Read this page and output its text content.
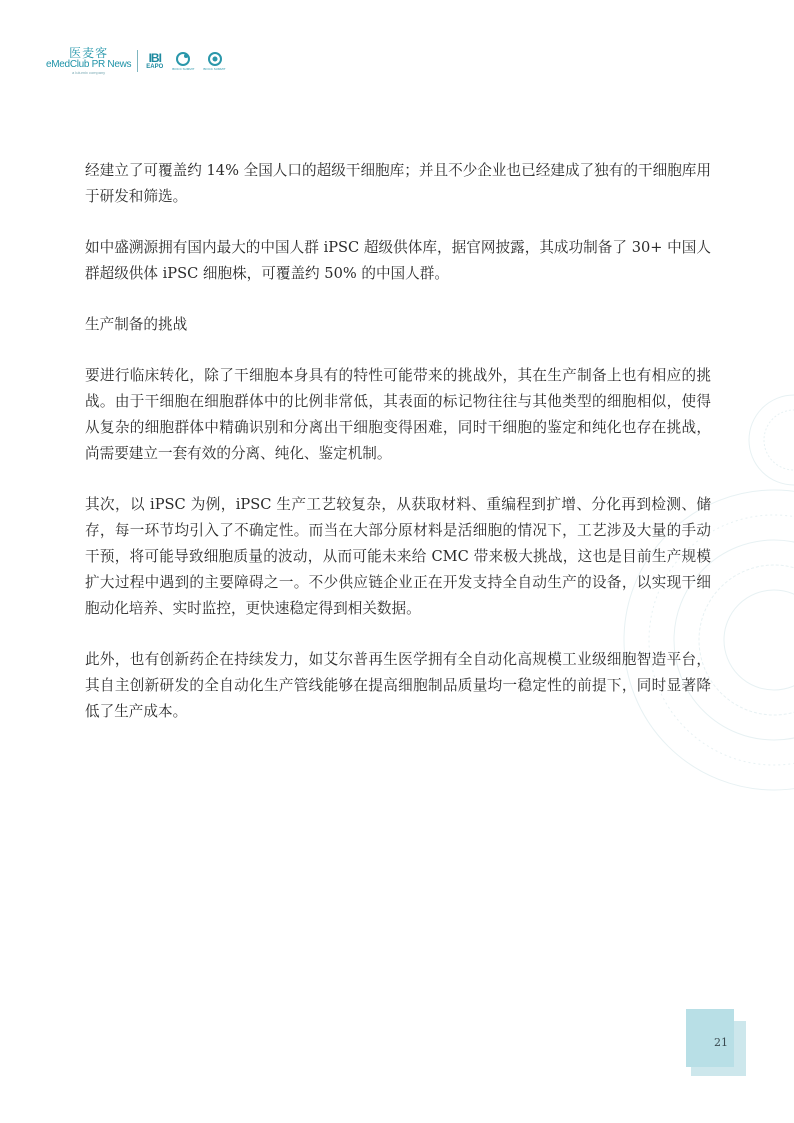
医麦客
eMedClub PR News
a lulumix company
IBI
EAPO	BIOCC SUMMIT	BIOCC SUMMIT

经建立了可覆盖约 14% 全国人口的超级干细胞库；并且不少企业也已经建成了独有的干细胞库用于研发和筛选。

如中盛溯源拥有国内最大的中国人群 iPSC 超级供体库，据官网披露，其成功制备了 30+ 中国人群超级供体 iPSC 细胞株，可覆盖约 50% 的中国人群。

生产制备的挑战

要进行临床转化，除了干细胞本身具有的特性可能带来的挑战外，其在生产制备上也有相应的挑战。由于干细胞在细胞群体中的比例非常低，其表面的标记物往往与其他类型的细胞相似，使得从复杂的细胞群体中精确识别和分离出干细胞变得困难，同时干细胞的鉴定和纯化也存在挑战，尚需要建立一套有效的分离、纯化、鉴定机制。

其次，以 iPSC 为例，iPSC 生产工艺较复杂，从获取材料、重编程到扩增、分化再到检测、储存，每一环节均引入了不确定性。而当在大部分原材料是活细胞的情况下，工艺涉及大量的手动干预，将可能导致细胞质量的波动，从而可能未来给 CMC 带来极大挑战，这也是目前生产规模扩大过程中遇到的主要障碍之一。不少供应链企业正在开发支持全自动生产的设备，以实现干细胞动化培养、实时监控，更快速稳定得到相关数据。

此外，也有创新药企在持续发力，如艾尔普再生医学拥有全自动化高规模工业级细胞智造平台，其自主创新研发的全自动化生产管线能够在提高细胞制品质量均一稳定性的前提下，同时显著降低了生产成本。

21
